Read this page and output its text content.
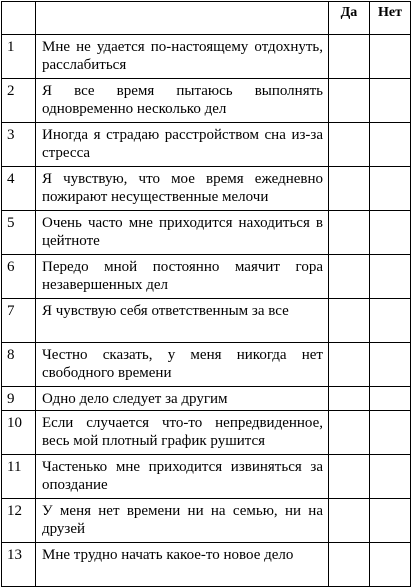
		Да	Нет
1	Мне не удается по-настоящему отдохнуть, расслабиться		
2	Я все время пытаюсь выполнять одновременно несколько дел		
3	Иногда я страдаю расстройством сна из-за стресса		
4	Я чувствую, что мое время ежедневно пожирают несущественные мелочи		
5	Очень часто мне приходится находиться в цейтноте		
6	Передо мной постоянно маячит гора незавершенных дел		
7	Я чувствую себя ответственным за все		
8	Честно сказать, у меня никогда нет свободного времени		
9	Одно дело следует за другим		
10	Если случается что-то непредвиденное, весь мой плотный график рушится		
11	Частенько мне приходится извиняться за опоздание		
12	У меня нет времени ни на семью, ни на друзей		
13	Мне трудно начать какое-то новое дело		
